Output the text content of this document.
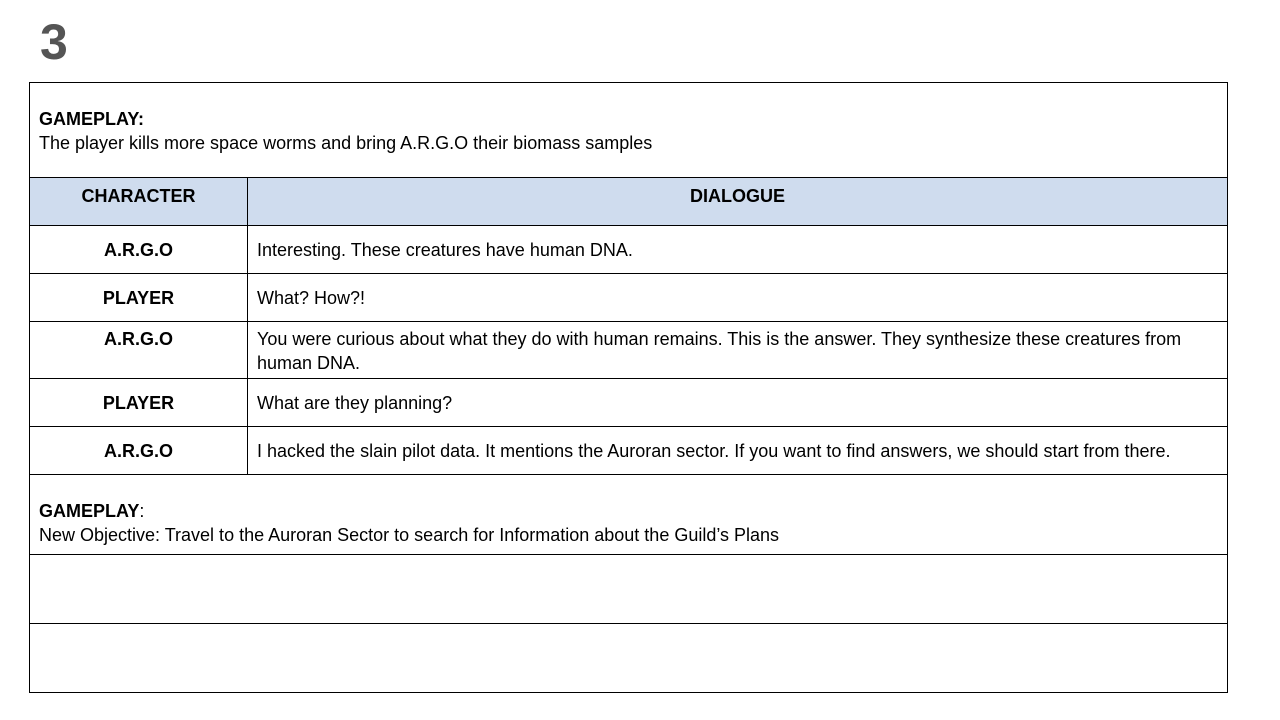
3
GAMEPLAY:
The player kills more space worms and bring A.R.G.O their biomass samples	

CHARACTER	DIALOGUE
A.R.G.O	Interesting. These creatures have human DNA.
PLAYER	What? How?!
A.R.G.O	You were curious about what they do with human remains. This is the answer. They synthesize these creatures from human DNA.
PLAYER	What are they planning?
A.R.G.O	I hacked the slain pilot data. It mentions the Auroran sector. If you want to find answers, we should start from there.

GAMEPLAY:
New Objective: Travel to the Auroran Sector to search for Information about the Guild’s Plans	
